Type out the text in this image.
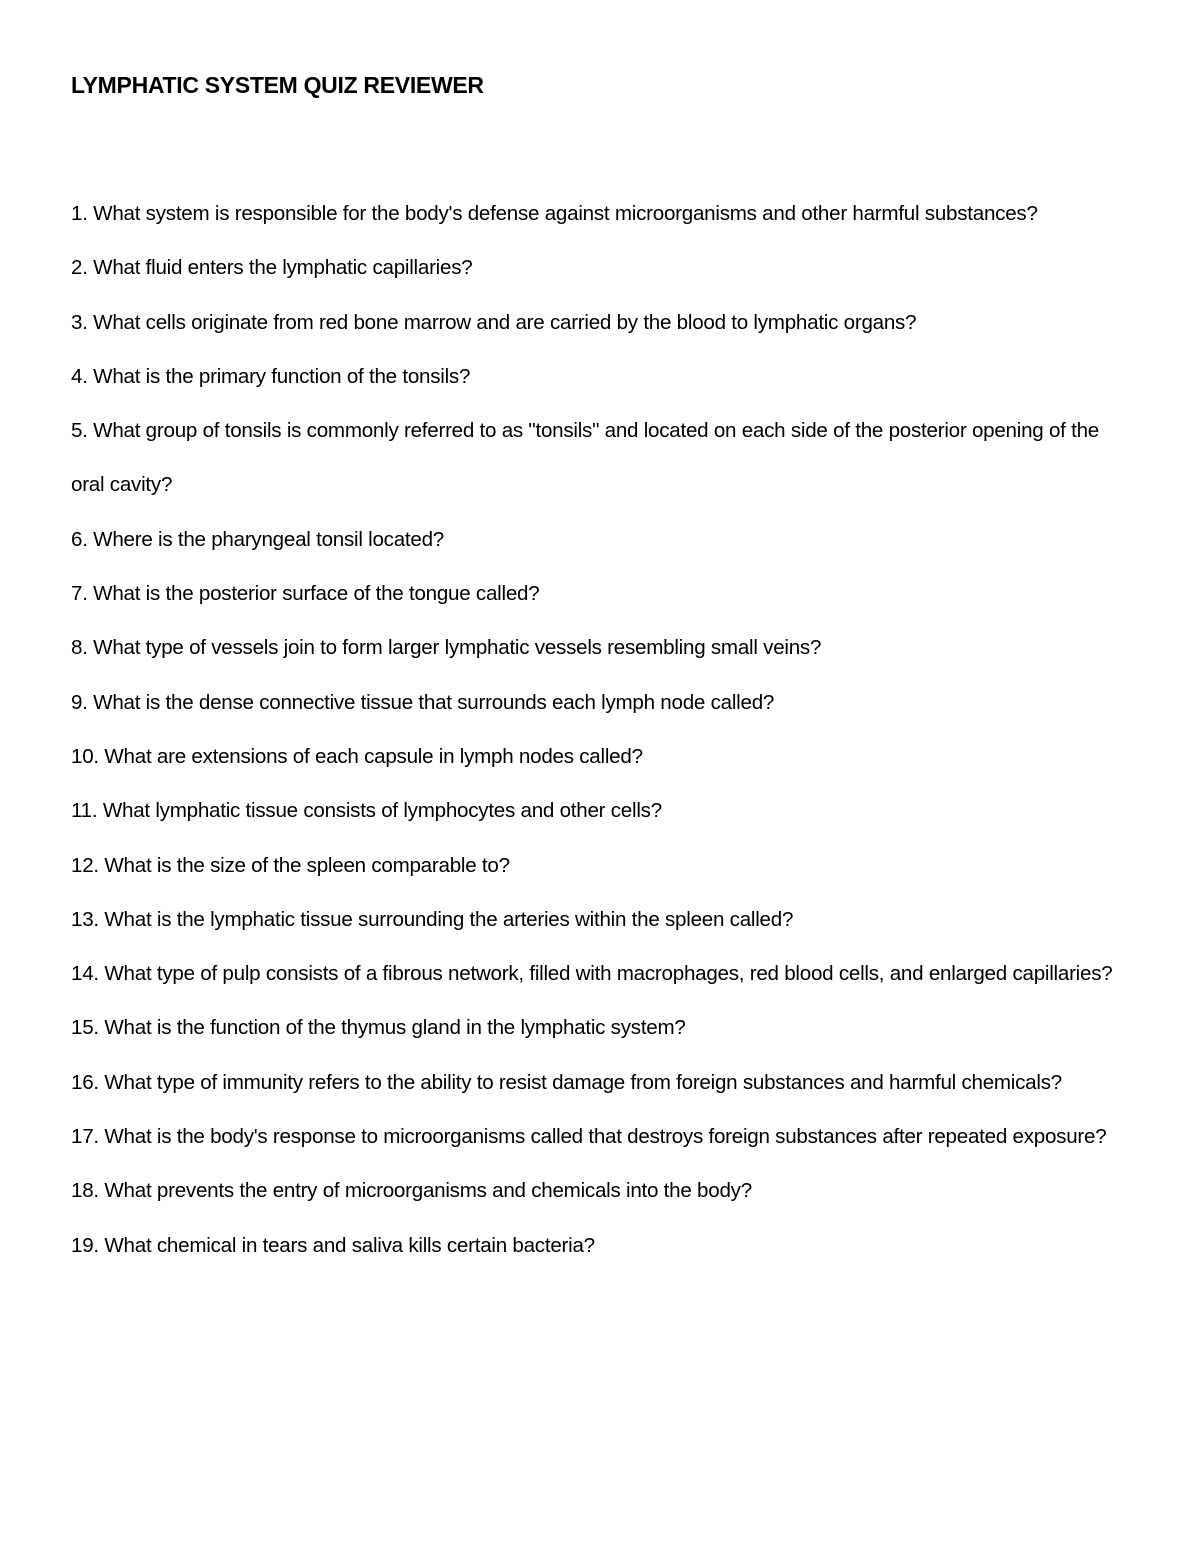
LYMPHATIC SYSTEM QUIZ REVIEWER
1. What system is responsible for the body's defense against microorganisms and other harmful substances?
2. What fluid enters the lymphatic capillaries?
3. What cells originate from red bone marrow and are carried by the blood to lymphatic organs?
4. What is the primary function of the tonsils?
5. What group of tonsils is commonly referred to as "tonsils" and located on each side of the posterior opening of the oral cavity?
6. Where is the pharyngeal tonsil located?
7. What is the posterior surface of the tongue called?
8. What type of vessels join to form larger lymphatic vessels resembling small veins?
9. What is the dense connective tissue that surrounds each lymph node called?
10. What are extensions of each capsule in lymph nodes called?
11. What lymphatic tissue consists of lymphocytes and other cells?
12. What is the size of the spleen comparable to?
13. What is the lymphatic tissue surrounding the arteries within the spleen called?
14. What type of pulp consists of a fibrous network, filled with macrophages, red blood cells, and enlarged capillaries?
15. What is the function of the thymus gland in the lymphatic system?
16. What type of immunity refers to the ability to resist damage from foreign substances and harmful chemicals?
17. What is the body's response to microorganisms called that destroys foreign substances after repeated exposure?
18. What prevents the entry of microorganisms and chemicals into the body?
19. What chemical in tears and saliva kills certain bacteria?
